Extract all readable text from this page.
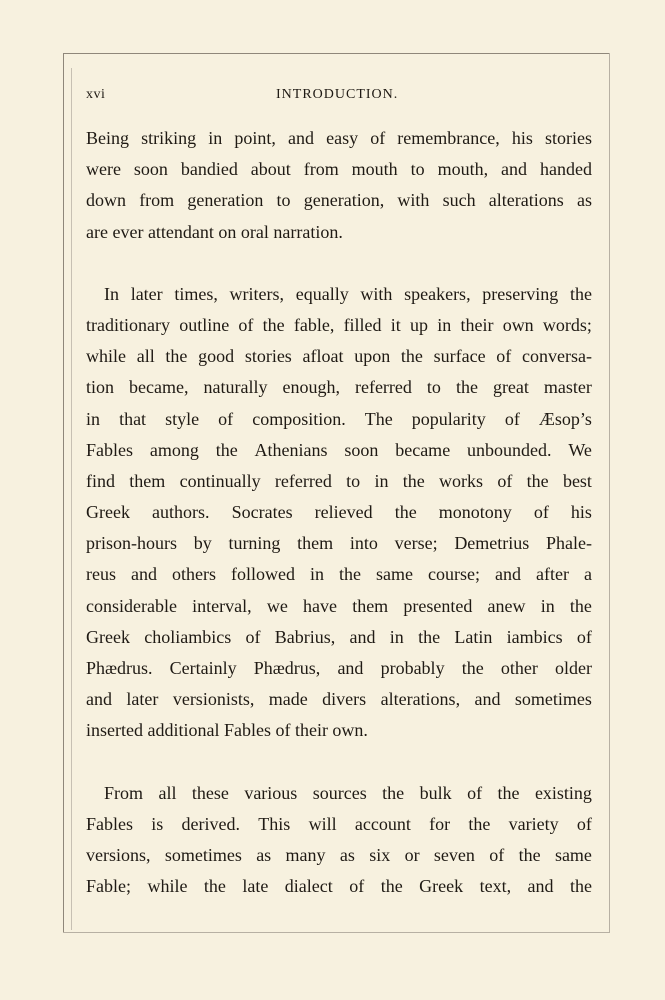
xvi	INTRODUCTION.
Being striking in point, and easy of remembrance, his stories
were soon bandied about from mouth to mouth, and handed
down from generation to generation, with such alterations as
are ever attendant on oral narration.
In later times, writers, equally with speakers, preserving the
traditionary outline of the fable, filled it up in their own words;
while all the good stories afloat upon the surface of conversa-
tion became, naturally enough, referred to the great master
in that style of composition. The popularity of Æsop’s
Fables among the Athenians soon became unbounded. We
find them continually referred to in the works of the best
Greek authors. Socrates relieved the monotony of his
prison-hours by turning them into verse; Demetrius Phale-
reus and others followed in the same course; and after a
considerable interval, we have them presented anew in the
Greek choliambics of Babrius, and in the Latin iambics of
Phædrus. Certainly Phædrus, and probably the other older
and later versionists, made divers alterations, and sometimes
inserted additional Fables of their own.
From all these various sources the bulk of the existing
Fables is derived. This will account for the variety of
versions, sometimes as many as six or seven of the same
Fable; while the late dialect of the Greek text, and the
